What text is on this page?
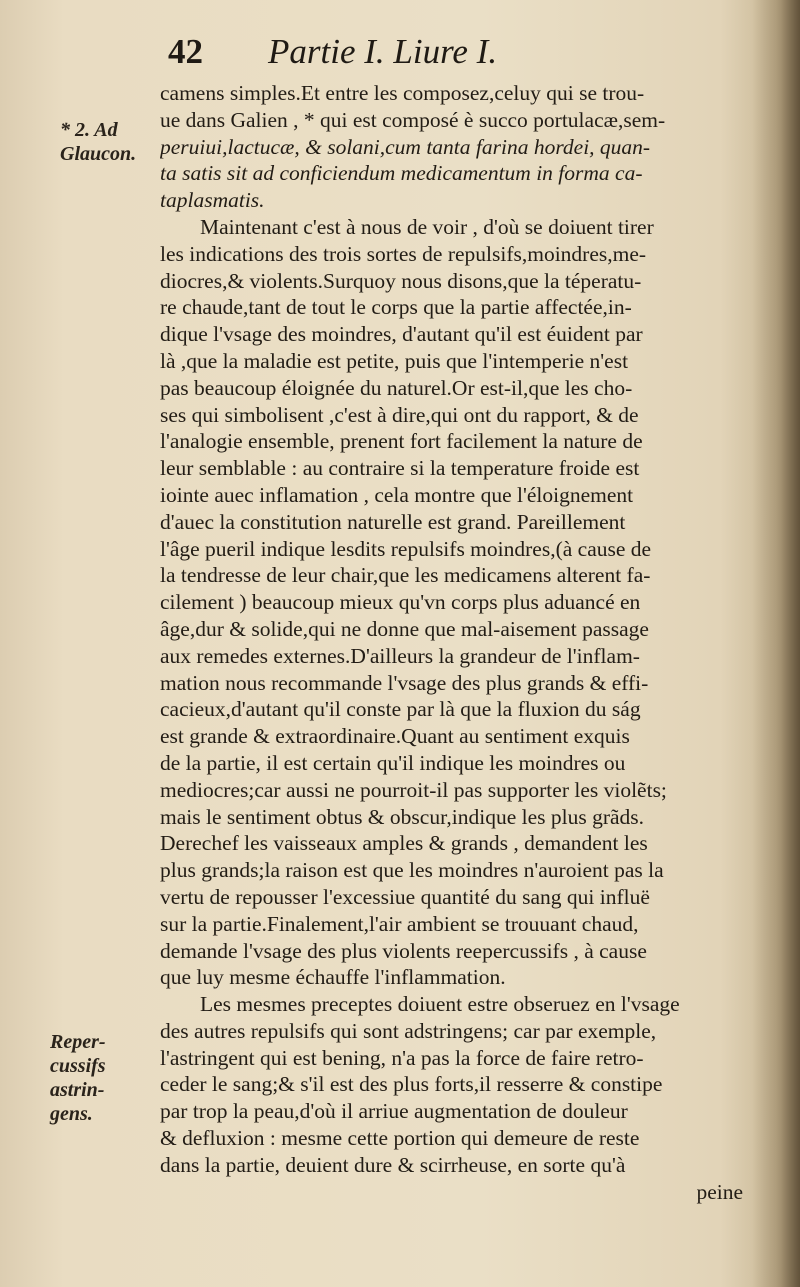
42 Partie I. Liure I.
* 2. Ad Glaucon.
Reper- cussifs astrin- gens.
camens simples.Et entre les composez,celuy qui se trou-
ue dans Galien , * qui est composé è succo portulacæ,sem-
peruiui,lactucæ, & solani,cum tanta farina hordei, quan-
ta satis sit ad conficiendum medicamentum in forma ca-
taplasmatis.
Maintenant c'est à nous de voir , d'où se doiuent tirer
les indications des trois sortes de repulsifs,moindres,me-
diocres,& violents.Surquoy nous disons,que la téperatu-
re chaude,tant de tout le corps que la partie affectée,in-
dique l'vsage des moindres, d'autant qu'il est éuident par
là ,que la maladie est petite, puis que l'intemperie n'est
pas beaucoup éloignée du naturel.Or est-il,que les cho-
ses qui simbolisent ,c'est à dire,qui ont du rapport, & de
l'analogie ensemble, prenent fort facilement la nature de
leur semblable : au contraire si la temperature froide est
iointe auec inflamation , cela montre que l'éloignement
d'auec la constitution naturelle est grand. Pareillement
l'âge pueril indique lesdits repulsifs moindres,(à cause de
la tendresse de leur chair,que les medicamens alterent fa-
cilement ) beaucoup mieux qu'vn corps plus aduancé en
âge,dur & solide,qui ne donne que mal-aisement passage
aux remedes externes.D'ailleurs la grandeur de l'inflam-
mation nous recommande l'vsage des plus grands & effi-
cacieux,d'autant qu'il conste par là que la fluxion du ság
est grande & extraordinaire.Quant au sentiment exquis
de la partie, il est certain qu'il indique les moindres ou
mediocres;car aussi ne pourroit-il pas supporter les violẽts;
mais le sentiment obtus & obscur,indique les plus grãds.
Derechef les vaisseaux amples & grands , demandent les
plus grands;la raison est que les moindres n'auroient pas la
vertu de repousser l'excessiue quantité du sang qui influë
sur la partie.Finalement,l'air ambient se trouuant chaud,
demande l'vsage des plus violents reepercussifs , à cause
que luy mesme échauffe l'inflammation.
Les mesmes preceptes doiuent estre obseruez en l'vsage
des autres repulsifs qui sont adstringens; car par exemple,
l'astringent qui est bening, n'a pas la force de faire retro-
ceder le sang;& s'il est des plus forts,il resserre & constipe
par trop la peau,d'où il arriue augmentation de douleur
& defluxion : mesme cette portion qui demeure de reste
dans la partie, deuient dure & scirrheuse, en sorte qu'à
peine
